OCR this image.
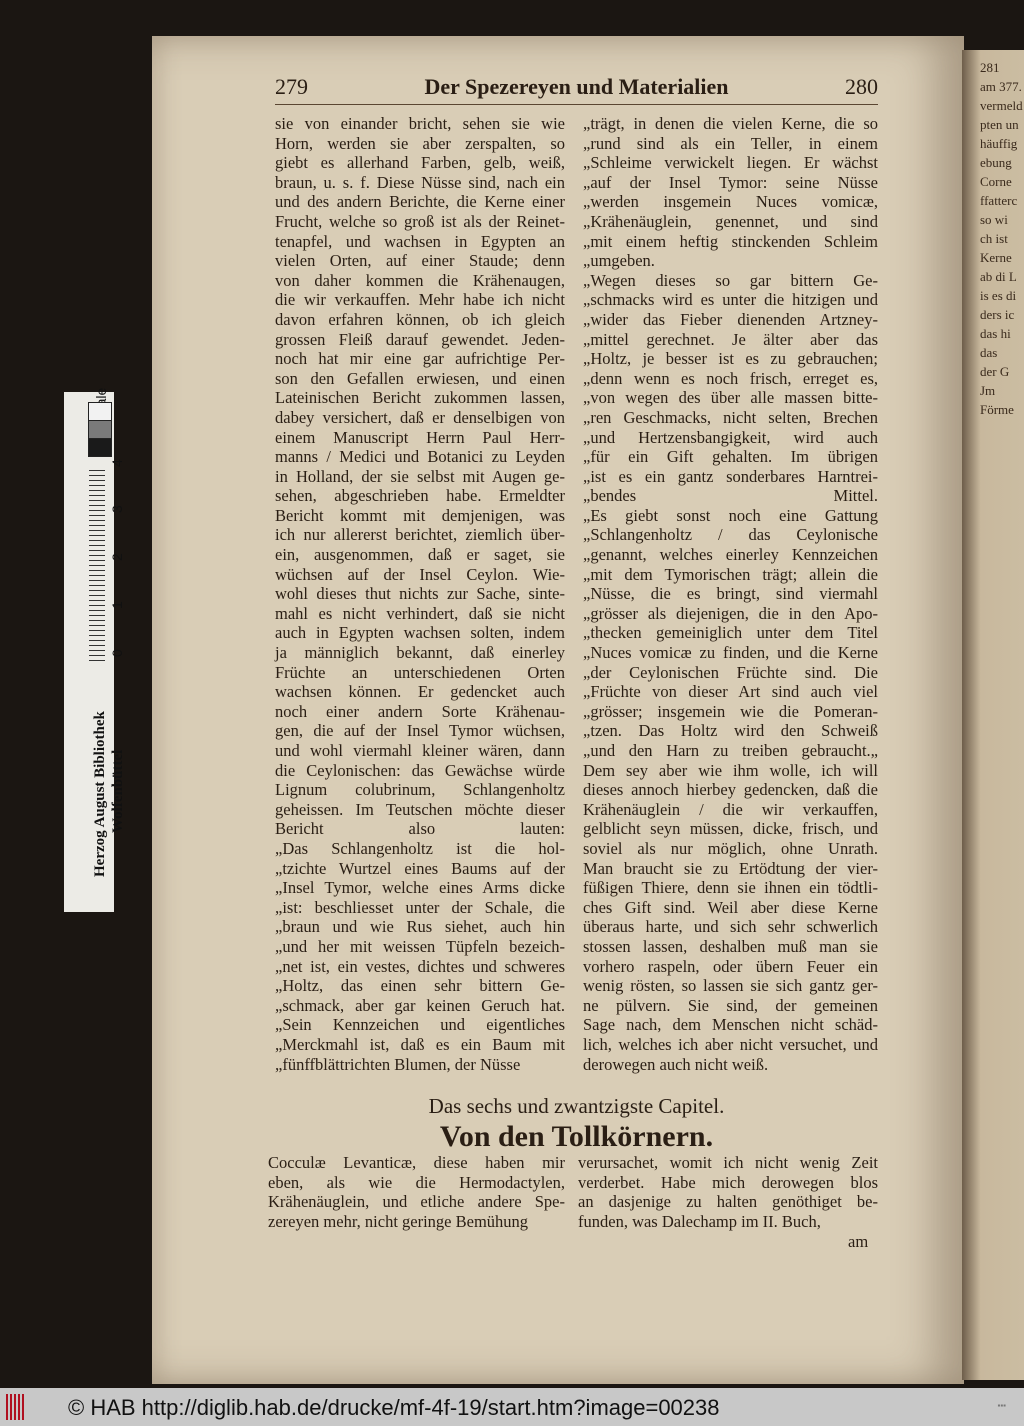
281
am 377.
vermeld
pten un
häuffig
ebung
Corne
ffatterc
so wi
ch ist
Kerne
ab di L
is es di
ders ic
das hi
das
der G
Jm
Förme
279	Der Spezereyen und Materialien	280
sie von einander bricht, sehen sie wie
Horn, werden sie aber zerspalten, so
giebt es allerhand Farben, gelb, weiß,
braun, u. s. f. Diese Nüsse sind, nach ein
und des andern Berichte, die Kerne einer
Frucht, welche so groß ist als der Reinet-
tenapfel, und wachsen in Egypten an
vielen Orten, auf einer Staude; denn
von daher kommen die Krähenaugen,
die wir verkauffen. Mehr habe ich nicht
davon erfahren können, ob ich gleich
grossen Fleiß darauf gewendet. Jeden-
noch hat mir eine gar aufrichtige Per-
son den Gefallen erwiesen, und einen
Lateinischen Bericht zukommen lassen,
dabey versichert, daß er denselbigen von
einem Manuscript Herrn Paul Herr-
manns / Medici und Botanici zu Leyden
in Holland, der sie selbst mit Augen ge-
sehen, abgeschrieben habe. Ermeldter
Bericht kommt mit demjenigen, was
ich nur allererst berichtet, ziemlich über-
ein, ausgenommen, daß er saget, sie
wüchsen auf der Insel Ceylon. Wie-
wohl dieses thut nichts zur Sache, sinte-
mahl es nicht verhindert, daß sie nicht
auch in Egypten wachsen solten, indem
ja männiglich bekannt, daß einerley
Früchte an unterschiedenen Orten
wachsen können. Er gedencket auch
noch einer andern Sorte Krähenau-
gen, die auf der Insel Tymor wüchsen,
und wohl viermahl kleiner wären, dann
die Ceylonischen: das Gewächse würde
Lignum colubrinum, Schlangenholtz
geheissen. Im Teutschen möchte dieser
Bericht also lauten:
„Das Schlangenholtz ist die hol-
„tzichte Wurtzel eines Baums auf der
„Insel Tymor, welche eines Arms dicke
„ist: beschliesset unter der Schale, die
„braun und wie Rus siehet, auch hin
„und her mit weissen Tüpfeln bezeich-
„net ist, ein vestes, dichtes und schweres
„Holtz, das einen sehr bittern Ge-
„schmack, aber gar keinen Geruch hat.
„Sein Kennzeichen und eigentliches
„Merckmahl ist, daß es ein Baum mit
„fünffblättrichten Blumen, der Nüsse
„trägt, in denen die vielen Kerne, die so
„rund sind als ein Teller, in einem
„Schleime verwickelt liegen. Er wächst
„auf der Insel Tymor: seine Nüsse
„werden insgemein Nuces vomicæ,
„Krähenäuglein, genennet, und sind
„mit einem heftig stinckenden Schleim
„umgeben.
„Wegen dieses so gar bittern Ge-
„schmacks wird es unter die hitzigen und
„wider das Fieber dienenden Artzney-
„mittel gerechnet. Je älter aber das
„Holtz, je besser ist es zu gebrauchen;
„denn wenn es noch frisch, erreget es,
„von wegen des über alle massen bitte-
„ren Geschmacks, nicht selten, Brechen
„und Hertzensbangigkeit, wird auch
„für ein Gift gehalten. Im übrigen
„ist es ein gantz sonderbares Harntrei-
„bendes Mittel.
„Es giebt sonst noch eine Gattung
„Schlangenholtz / das Ceylonische
„genannt, welches einerley Kennzeichen
„mit dem Tymorischen trägt; allein die
„Nüsse, die es bringt, sind viermahl
„grösser als diejenigen, die in den Apo-
„thecken gemeiniglich unter dem Titel
„Nuces vomicæ zu finden, und die Kerne
„der Ceylonischen Früchte sind. Die
„Früchte von dieser Art sind auch viel
„grösser; insgemein wie die Pomeran-
„tzen. Das Holtz wird den Schweiß
„und den Harn zu treiben gebraucht.„
Dem sey aber wie ihm wolle, ich will
dieses annoch hierbey gedencken, daß die
Krähenäuglein / die wir verkauffen,
gelblicht seyn müssen, dicke, frisch, und
soviel als nur möglich, ohne Unrath.
Man braucht sie zu Ertödtung der vier-
füßigen Thiere, denn sie ihnen ein tödtli-
ches Gift sind. Weil aber diese Kerne
überaus harte, und sich sehr schwerlich
stossen lassen, deshalben muß man sie
vorhero raspeln, oder übern Feuer ein
wenig rösten, so lassen sie sich gantz ger-
ne pülvern. Sie sind, der gemeinen
Sage nach, dem Menschen nicht schäd-
lich, welches ich aber nicht versuchet, und
derowegen auch nicht weiß.
Das sechs und zwantzigste Capitel.
Von den Tollkörnern.
Cocculæ Levanticæ, diese haben mir
eben, als wie die Hermodactylen,
Krähenäuglein, und etliche andere Spe-
zereyen mehr, nicht geringe Bemühung
verursachet, womit ich nicht wenig Zeit
verderbet. Habe mich derowegen blos
an dasjenige zu halten genöthiget be-
funden, was Dalechamp im II. Buch,
am
Herzog August Bibliothek Wolfenbüttel
0
1
2
3
4
© HAB http://diglib.hab.de/drucke/mf-4f-19/start.htm?image=00238	▪▪▪
